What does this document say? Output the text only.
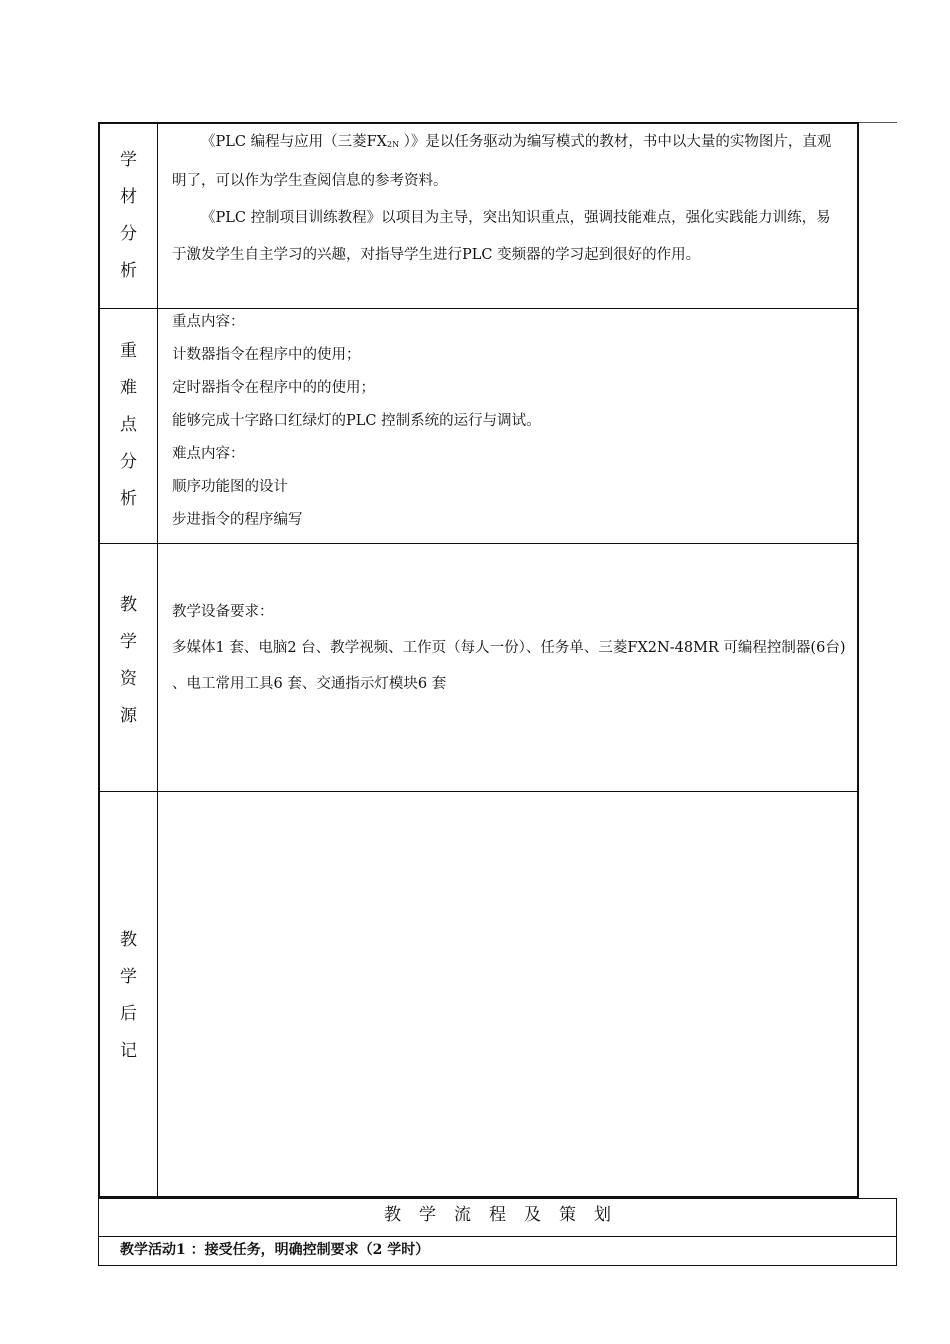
学
材
分
析

《PLC 编程与应用（三菱FX2N ）》是以任务驱动为编写模式的教材，书中以大量的实物图片，直观明了，可以作为学生查阅信息的参考资料。

《PLC 控制项目训练教程》以项目为主导，突出知识重点，强调技能难点，强化实践能力训练，易于激发学生自主学习的兴趣，对指导学生进行PLC 变频器的学习起到很好的作用。

重
难
点
分
析

重点内容：

计数器指令在程序中的使用；

定时器指令在程序中的的使用；

能够完成十字路口红绿灯的PLC 控制系统的运行与调试。

难点内容：

顺序功能图的设计

步进指令的程序编写

教
学
资
源

教学设备要求：

多媒体1 套、电脑2 台、教学视频、工作页（每人一份）、任务单、三菱FX2N-48MR 可编程控制器(6台) 、电工常用工具6 套、交通指示灯模块6 套

教
学
后
记
教学流程及策划
教学活动1 ：接受任务，明确控制要求（2 学时）
